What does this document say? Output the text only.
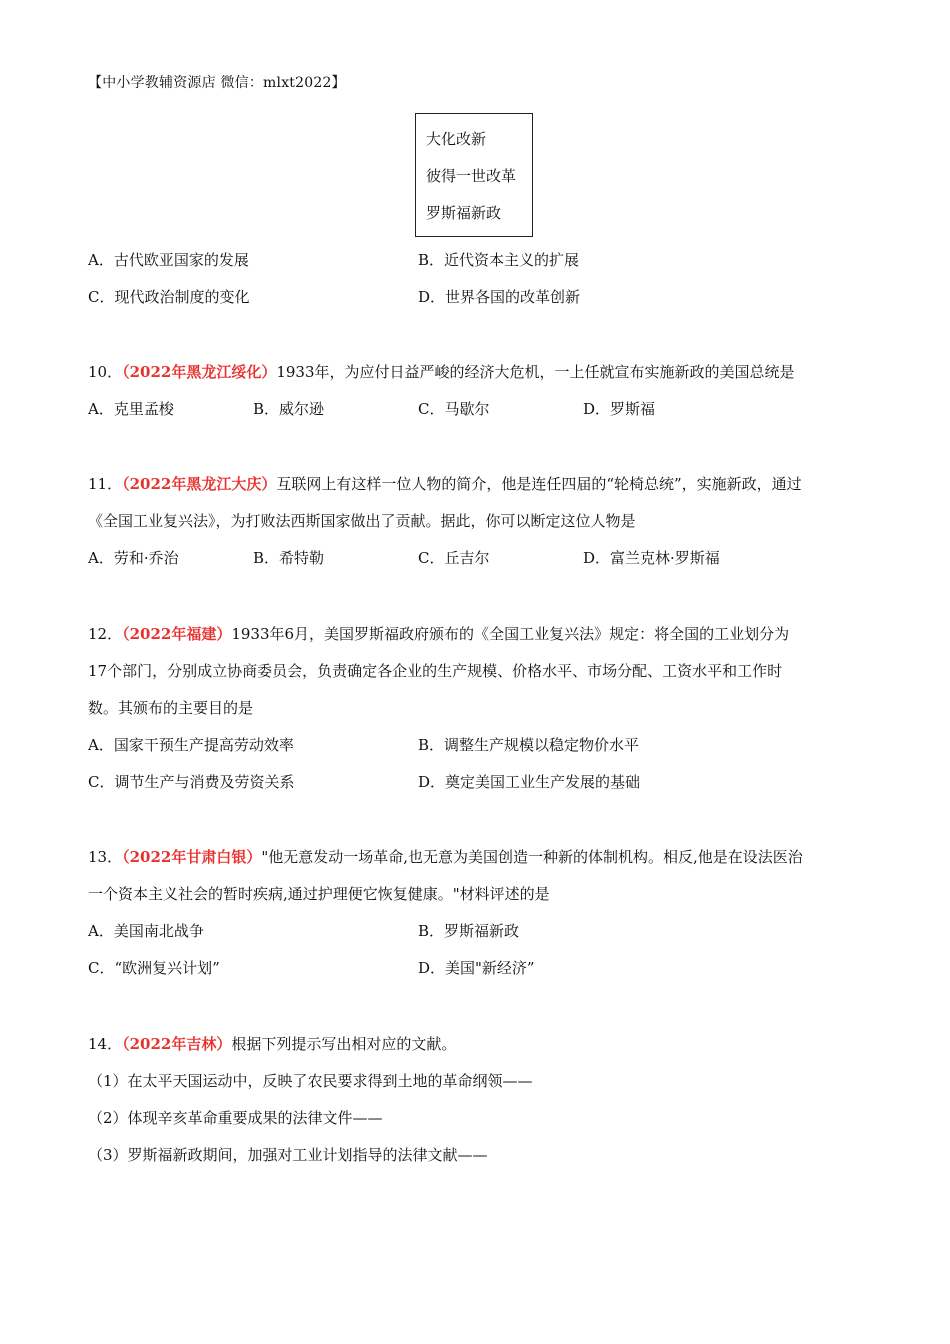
【中小学教辅资源店 微信：mlxt2022】
大化改新
彼得一世改革
罗斯福新政
A．古代欧亚国家的发展	B．近代资本主义的扩展
C．现代政治制度的变化	D．世界各国的改革创新
10．（2022年黑龙江绥化）1933年，为应付日益严峻的经济大危机，一上任就宣布实施新政的美国总统是
A．克里孟梭	B．威尔逊	C．马歇尔	D．罗斯福
11．（2022年黑龙江大庆）互联网上有这样一位人物的简介，他是连任四届的“轮椅总统”，实施新政，通过
《全国工业复兴法》，为打败法西斯国家做出了贡献。据此，你可以断定这位人物是
A．劳和·乔治	B．希特勒	C．丘吉尔	D．富兰克林·罗斯福
12．（2022年福建）1933年6月，美国罗斯福政府颁布的《全国工业复兴法》规定：将全国的工业划分为
17个部门，分别成立协商委员会，负责确定各企业的生产规模、价格水平、市场分配、工资水平和工作时
数。其颁布的主要目的是
A．国家干预生产提高劳动效率	B．调整生产规模以稳定物价水平
C．调节生产与消费及劳资关系	D．奠定美国工业生产发展的基础
13．（2022年甘肃白银）"他无意发动一场革命,也无意为美国创造一种新的体制机构。相反,他是在设法医治
一个资本主义社会的暂时疾病,通过护理便它恢复健康。"材料评述的是
A．美国南北战争	B．罗斯福新政
C．“欧洲复兴计划”	D．美国"新经济”
14．（2022年吉林）根据下列提示写出相对应的文献。
（1）在太平天国运动中，反映了农民要求得到土地的革命纲领——
（2）体现辛亥革命重要成果的法律文件——
（3）罗斯福新政期间，加强对工业计划指导的法律文献——
